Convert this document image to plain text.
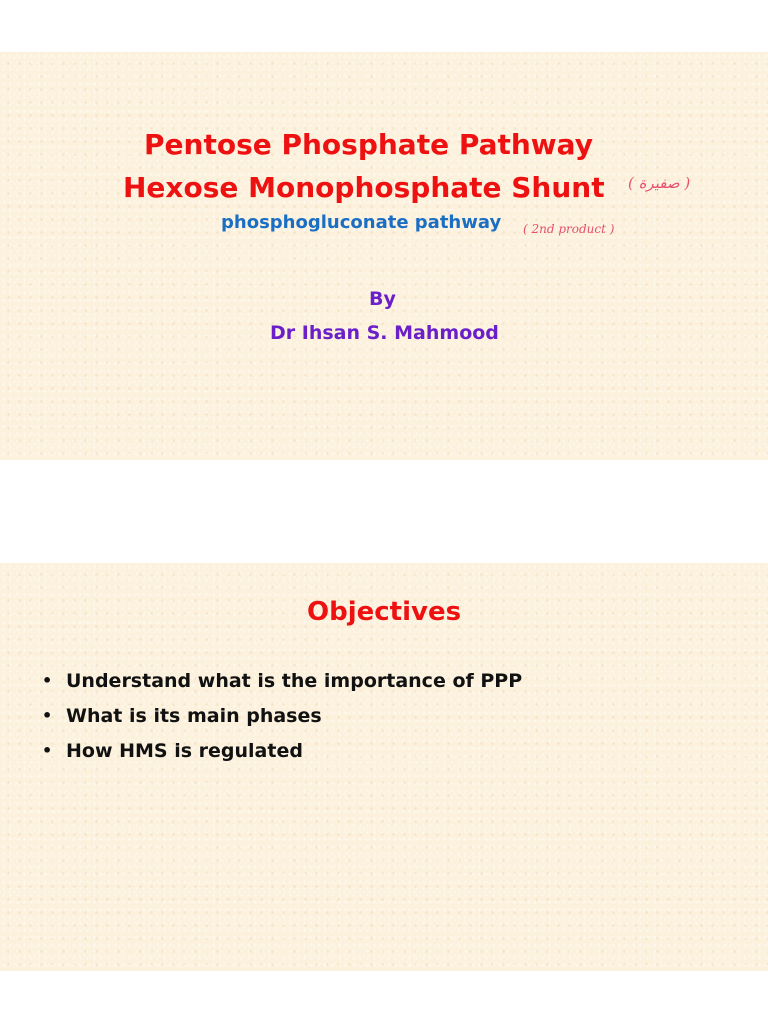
Pentose Phosphate Pathway
Hexose Monophosphate Shunt ( صفيرة )
phosphogluconate pathway ( 2nd product )
By
Dr Ihsan S. Mahmood
Objectives
• Understand what is the importance of PPP
• What is its main phases
• How HMS is regulated
